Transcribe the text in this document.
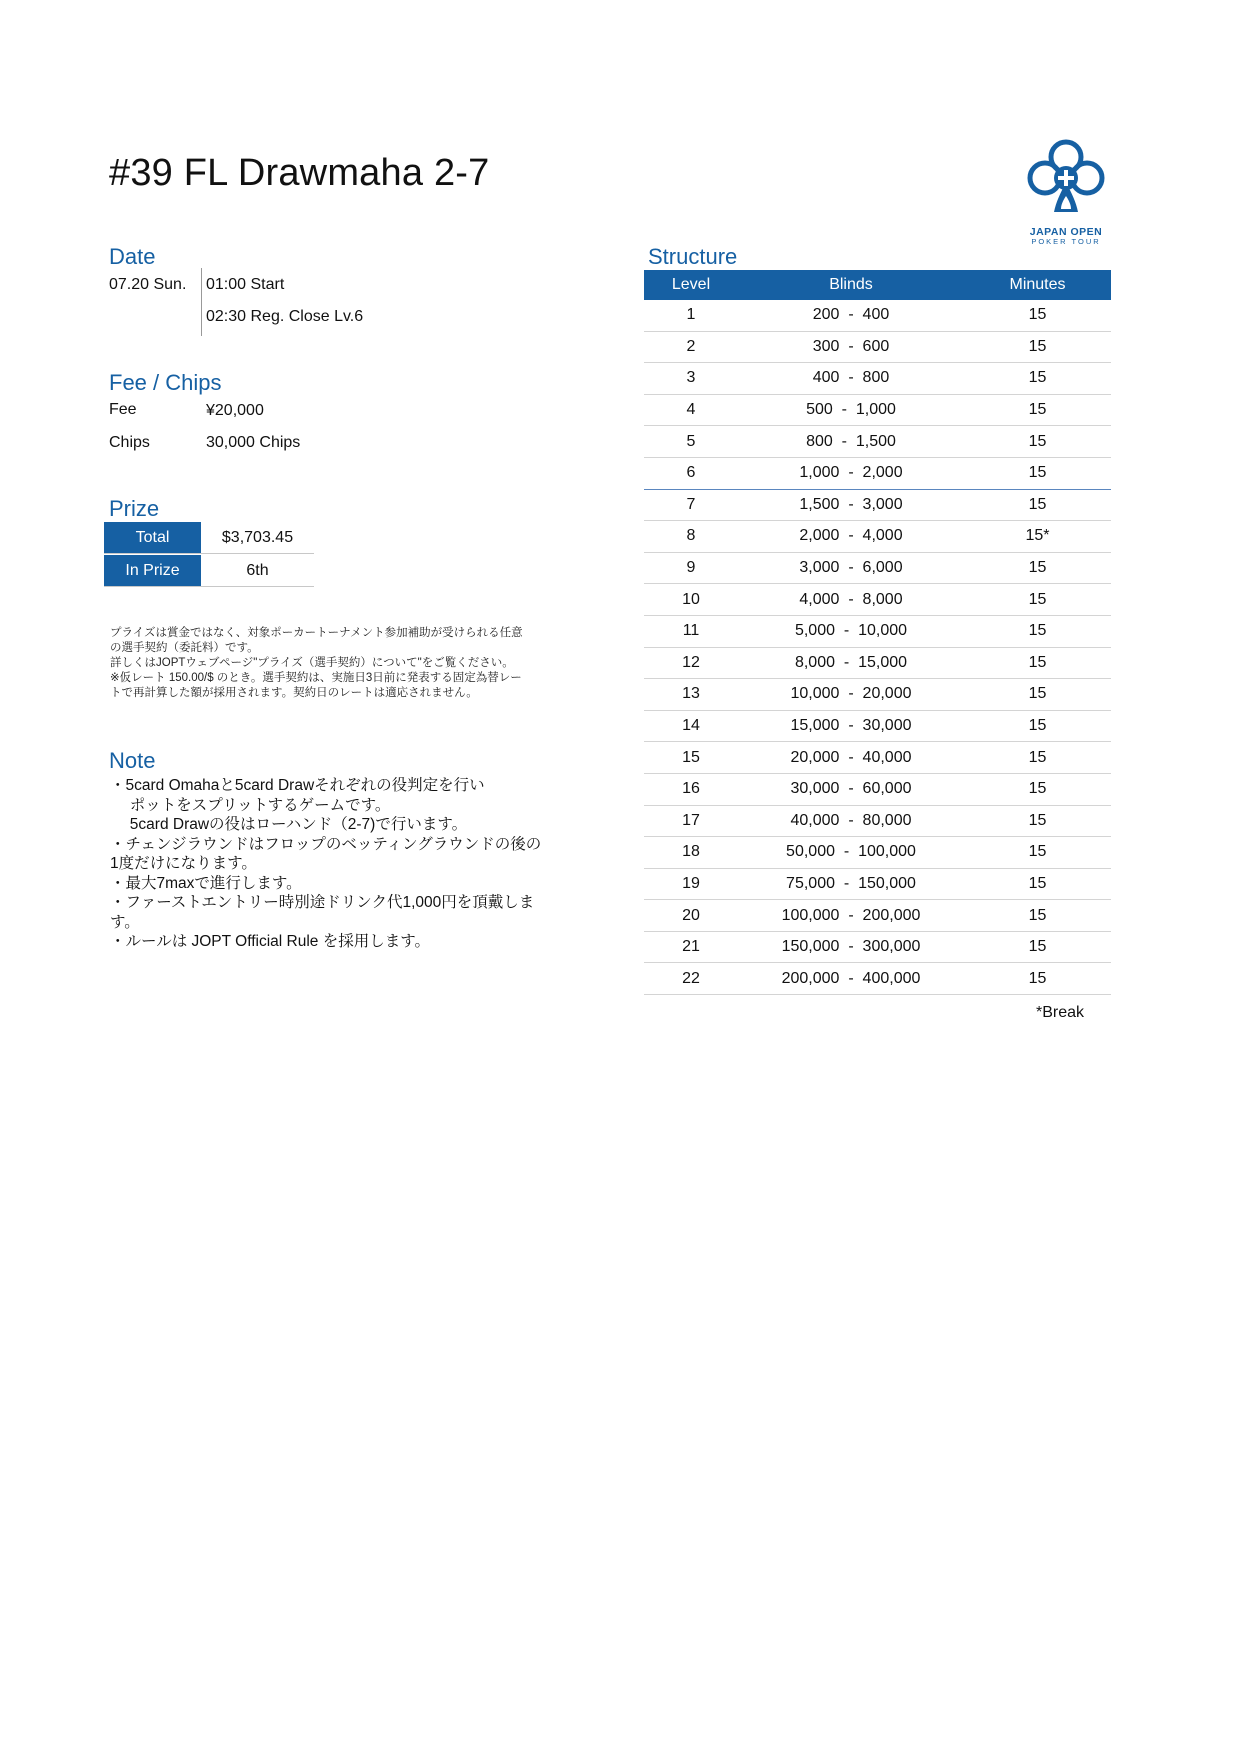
#39 FL Drawmaha 2-7
JAPAN OPEN
POKER TOUR
Date
07.20 Sun. 01:00 Start
02:30 Reg. Close Lv.6
Fee / Chips
Fee	¥20,000
Chips	30,000 Chips
Prize
Total	$3,703.45
In Prize	6th
プライズは賞金ではなく、対象ポーカートーナメント参加補助が受けられる任意
の選手契約（委託料）です。
詳しくはJOPTウェブページ"プライズ（選手契約）について"をご覧ください。
※仮レート 150.00/$ のとき。選手契約は、実施日3日前に発表する固定為替レー
トで再計算した額が採用されます。契約日のレートは適応されません。
Note
・5card Omahaと5card Drawそれぞれの役判定を行い
　 ポットをスプリットするゲームです。
　 5card Drawの役はローハンド（2-7)で行います。
・チェンジラウンドはフロップのベッティングラウンドの後の
1度だけになります。
・最大7maxで進行します。
・ファーストエントリー時別途ドリンク代1,000円を頂戴しま
す。
・ルールは JOPT Official Rule を採用します。
Structure
Level	Blinds	Minutes
1	200  -  400	15
2	300  -  600	15
3	400  -  800	15
4	500  -  1,000	15
5	800  -  1,500	15
6	1,000  -  2,000	15
7	1,500  -  3,000	15
8	2,000  -  4,000	15*
9	3,000  -  6,000	15
10	4,000  -  8,000	15
11	5,000  -  10,000	15
12	8,000  -  15,000	15
13	10,000  -  20,000	15
14	15,000  -  30,000	15
15	20,000  -  40,000	15
16	30,000  -  60,000	15
17	40,000  -  80,000	15
18	50,000  -  100,000	15
19	75,000  -  150,000	15
20	100,000  -  200,000	15
21	150,000  -  300,000	15
22	200,000  -  400,000	15
*Break
